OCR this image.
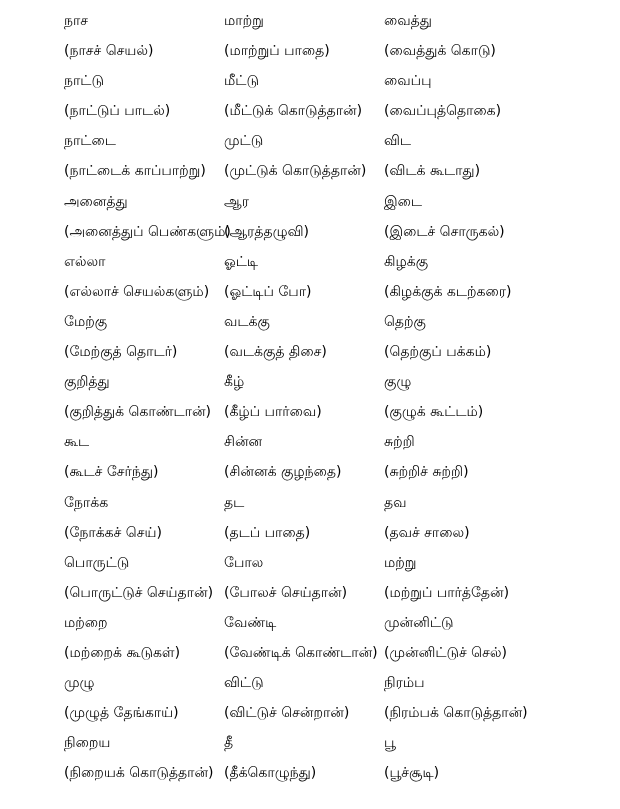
நாச
(நாசச் செயல்)
மாற்று
(மாற்றுப் பாதை)
வைத்து
(வைத்துக் கொடு)
நாட்டு
(நாட்டுப் பாடல்)
மீட்டு
(மீட்டுக் கொடுத்தான்)
வைப்பு
(வைப்புத்தொகை)
நாட்டை
(நாட்டைக் காப்பாற்று)
முட்டு
(முட்டுக் கொடுத்தான்)
விட
(விடக் கூடாது)
அனைத்து
(அனைத்துப் பெண்களும்)
ஆர
(ஆரத்தழுவி)
இடை
(இடைச் சொருகல்)
எல்லா
(எல்லாச் செயல்களும்)
ஓட்டி
(ஓட்டிப் போ)
கிழக்கு
(கிழக்குக் கடற்கரை)
மேற்கு
(மேற்குத் தொடர்)
வடக்கு
(வடக்குத் திசை)
தெற்கு
(தெற்குப் பக்கம்)
குறித்து
(குறித்துக் கொண்டான்)
கீழ்
(கீழ்ப் பார்வை)
குழு
(குழுக் கூட்டம்)
கூட
(கூடச் சேர்ந்து)
சின்ன
(சின்னக் குழந்தை)
சுற்றி
(சுற்றிச் சுற்றி)
நோக்க
(நோக்கச் செய்)
தட
(தடப் பாதை)
தவ
(தவச் சாலை)
பொருட்டு
(பொருட்டுச் செய்தான்)
போல
(போலச் செய்தான்)
மற்று
(மற்றுப் பார்த்தேன்)
மற்றை
(மற்றைக் கூடுகள்)
வேண்டி
(வேண்டிக் கொண்டான்)
முன்னிட்டு
(முன்னிட்டுச் செல்)
முழு
(முழுத் தேங்காய்)
விட்டு
(விட்டுச் சென்றான்)
நிரம்ப
(நிரம்பக் கொடுத்தான்)
நிறைய
(நிறையக் கொடுத்தான்)
தீ
(தீக்கொழுந்து)
பூ
(பூச்சூடி)
